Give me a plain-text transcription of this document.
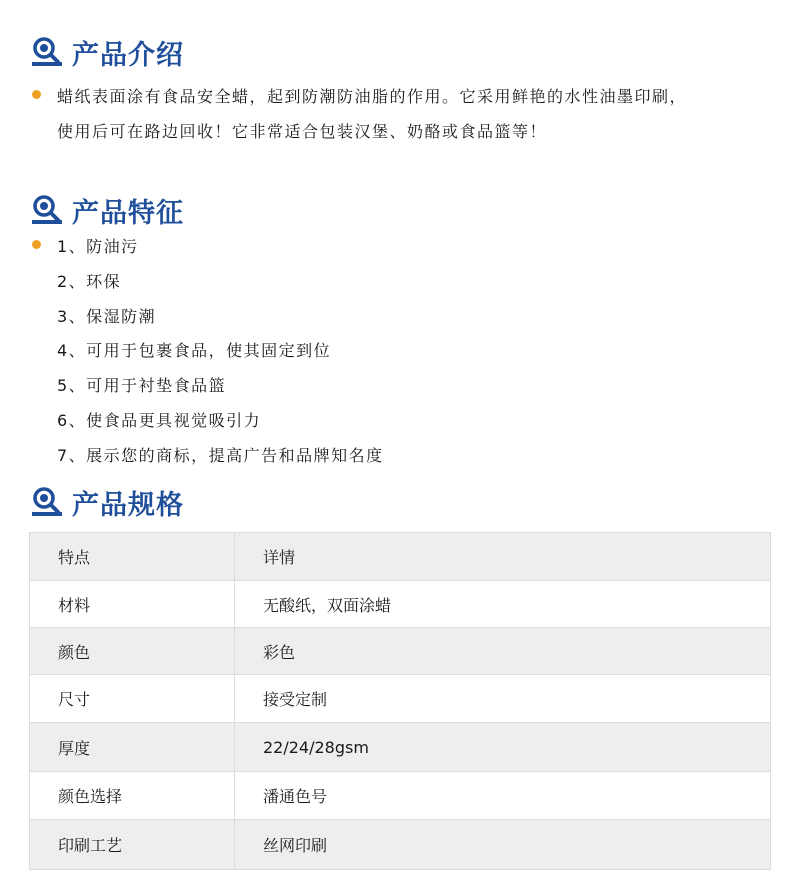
产品介绍
蜡纸表面涂有食品安全蜡，起到防潮防油脂的作用。它采用鲜艳的水性油墨印刷，
使用后可在路边回收！它非常适合包装汉堡、奶酪或食品篮等！
产品特征
1、防油污
2、环保
3、保湿防潮
4、可用于包裹食品，使其固定到位
5、可用于衬垫食品篮
6、使食品更具视觉吸引力
7、展示您的商标，提高广告和品牌知名度
产品规格
特点	详情
材料	无酸纸，双面涂蜡
颜色	彩色
尺寸	接受定制
厚度	22/24/28gsm
颜色选择	潘通色号
印刷工艺	丝网印刷
